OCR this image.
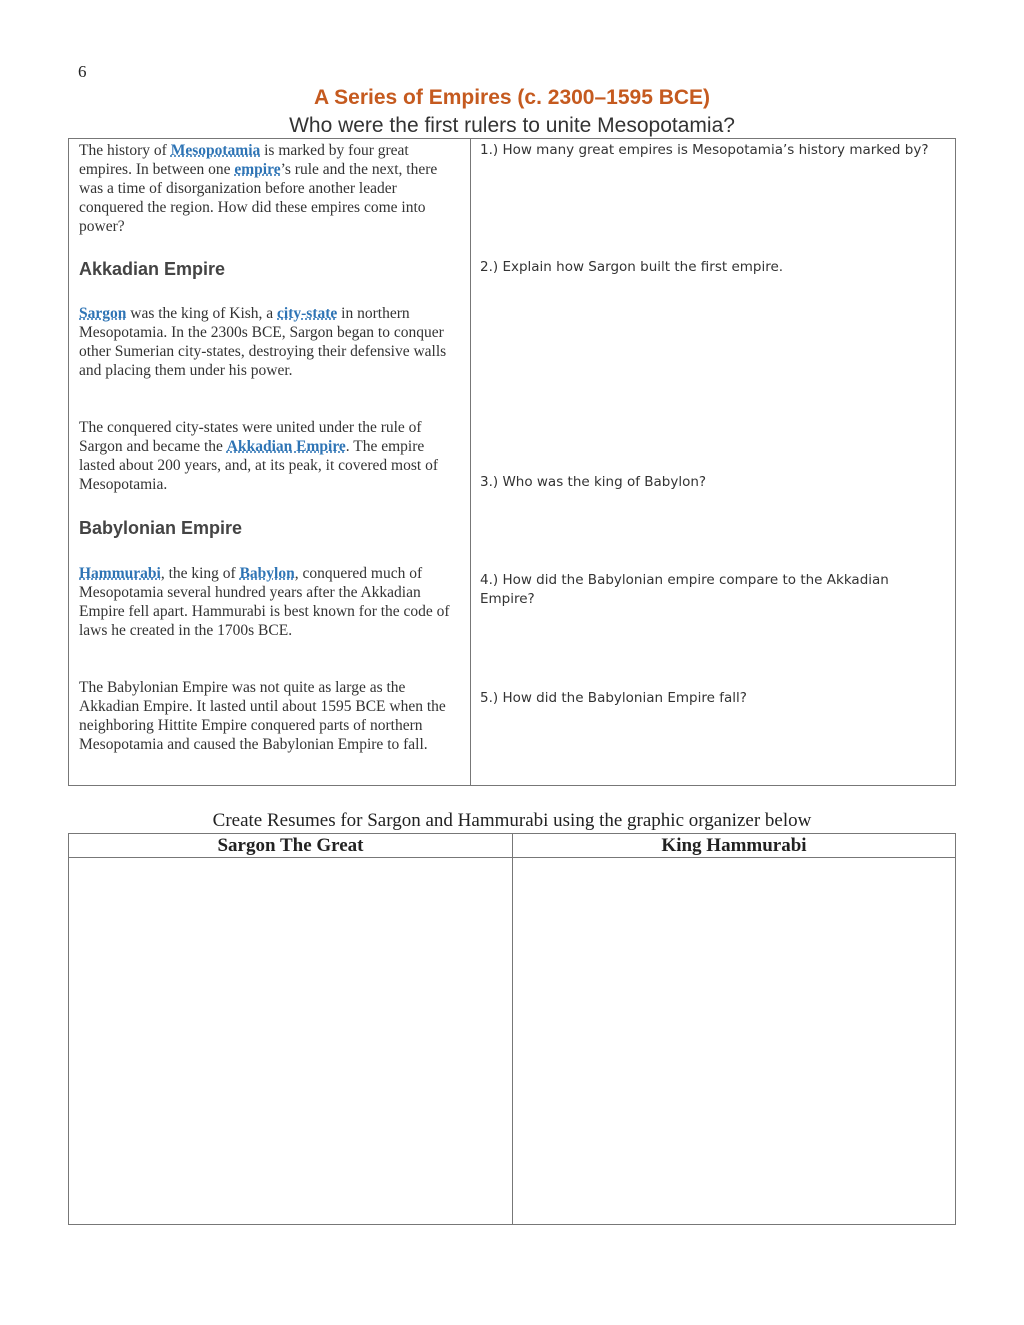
6
A Series of Empires (c. 2300–1595 BCE)
Who were the first rulers to unite Mesopotamia?
The history of Mesopotamia is marked by four great empires. In between one empire’s rule and the next, there was a time of disorganization before another leader conquered the region. How did these empires come into power?
Akkadian Empire
Sargon was the king of Kish, a city-state in northern Mesopotamia. In the 2300s BCE, Sargon began to conquer other Sumerian city-states, destroying their defensive walls and placing them under his power.
The conquered city-states were united under the rule of Sargon and became the Akkadian Empire. The empire lasted about 200 years, and, at its peak, it covered most of Mesopotamia.
Babylonian Empire
Hammurabi, the king of Babylon, conquered much of Mesopotamia several hundred years after the Akkadian Empire fell apart. Hammurabi is best known for the code of laws he created in the 1700s BCE.
The Babylonian Empire was not quite as large as the Akkadian Empire. It lasted until about 1595 BCE when the neighboring Hittite Empire conquered parts of northern Mesopotamia and caused the Babylonian Empire to fall.
1.) How many great empires is Mesopotamia’s history marked by?
2.) Explain how Sargon built the first empire.
3.) Who was the king of Babylon?
4.) How did the Babylonian empire compare to the Akkadian Empire?
5.) How did the Babylonian Empire fall?
Create Resumes for Sargon and Hammurabi using the graphic organizer below
Sargon The Great	King Hammurabi
